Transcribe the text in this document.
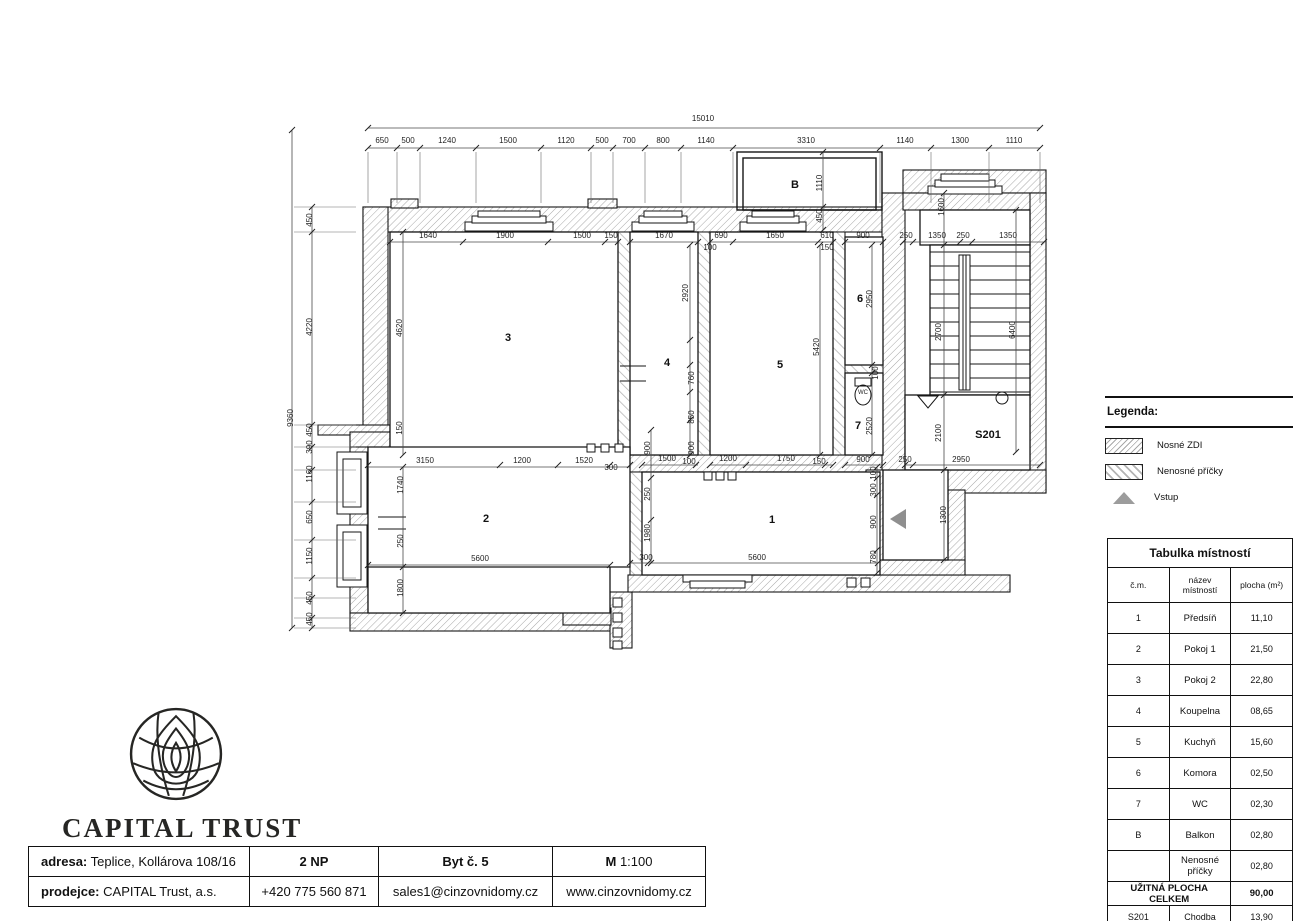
15010
650 500	1240	1500	1120	500 700	800	1140	3310	1140	1300	1110
1640	1900	1500 150	1670	690	1650	610
100	150
900	250 1350 250	1350
B 1110
450
1600
2700	6400
2100
1300
S201
900	250	2950
9360
450
4220
450
390
1160
650
1150
450
450
4620
150
1740
250
1800
3
4	5
6
7
2	1
WC
2920
760
850
900
5420
2950
2520
100
3150	1200	1520
300
1500 100	1200	1750 150
900
250
1980
300	5600
5600
100
300
900
780
Legenda:
Nosné ZDI
Nenosné příčky
Vstup
Tabulka místností		
č.m.	název místností	plocha (m²)
1	Předsíň	11,10
2	Pokoj 1	21,50
3	Pokoj 2	22,80
4	Koupelna	08,65
5	Kuchyň	15,60
6	Komora	02,50
7	WC	02,30
B	Balkon	02,80
	Nenosné příčky	02,80
UŽITNÁ PLOCHA CELKEM		90,00
S201	Chodba	13,90
CAPITAL TRUST
adresa: Teplice, Kollárova 108/16	2 NP	Byt č. 5	M 1:100
prodejce: CAPITAL Trust, a.s.	+420 775 560 871	sales1@cinzovnidomy.cz	www.cinzovnidomy.cz
